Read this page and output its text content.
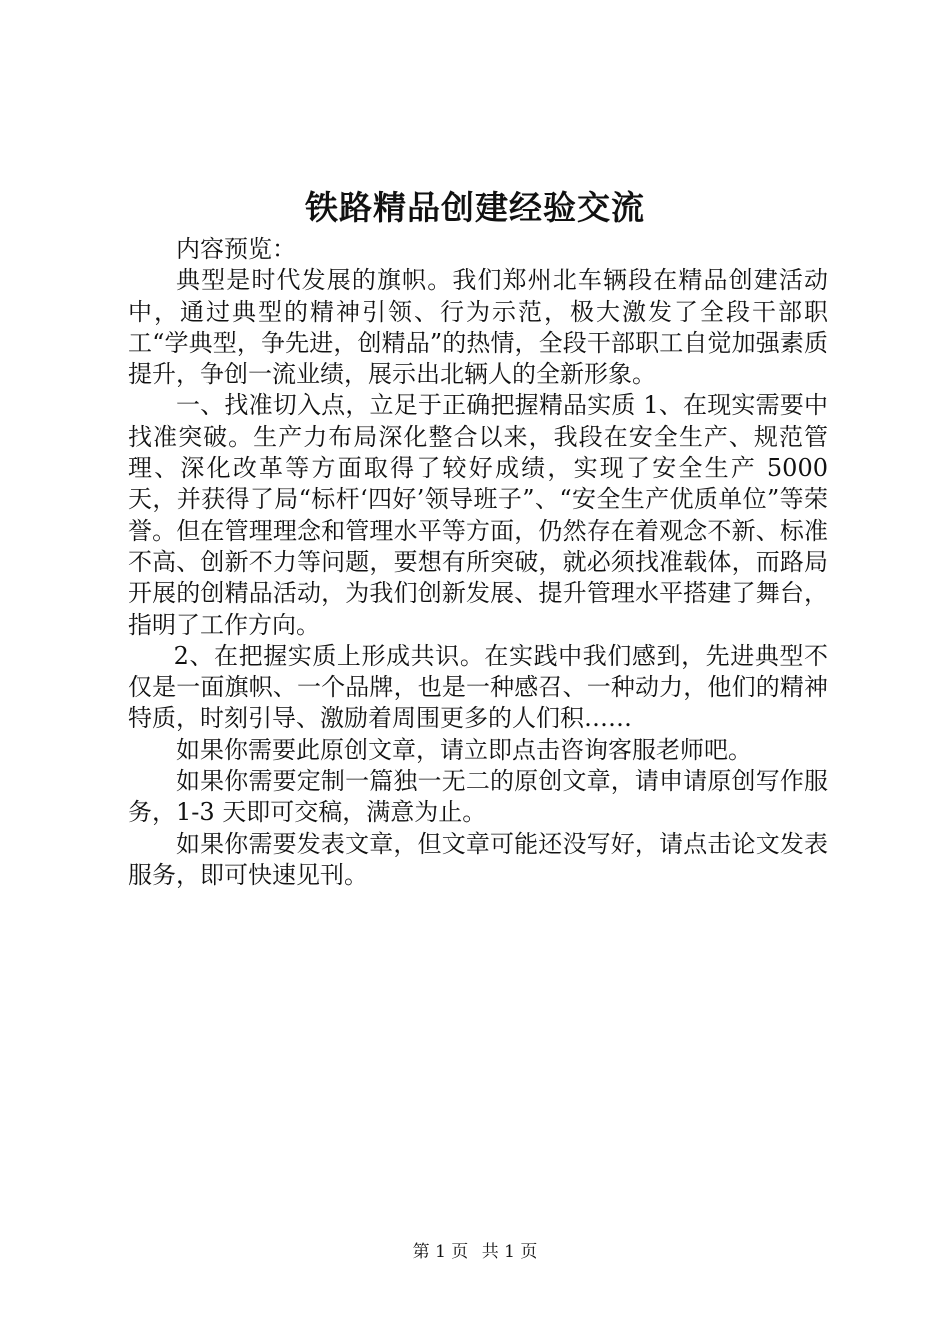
铁路精品创建经验交流

内容预览：

典型是时代发展的旗帜。我们郑州北车辆段在精品创建活动中，通过典型的精神引领、行为示范，极大激发了全段干部职工“学典型，争先进，创精品”的热情，全段干部职工自觉加强素质提升，争创一流业绩，展示出北辆人的全新形象。

一、找准切入点，立足于正确把握精品实质 1、在现实需要中找准突破。生产力布局深化整合以来，我段在安全生产、规范管理、深化改革等方面取得了较好成绩，实现了安全生产 5000 天，并获得了局“标杆‘四好’领导班子”、“安全生产优质单位”等荣誉。但在管理理念和管理水平等方面，仍然存在着观念不新、标准不高、创新不力等问题，要想有所突破，就必须找准载体，而路局开展的创精品活动，为我们创新发展、提升管理水平搭建了舞台，指明了工作方向。

2、在把握实质上形成共识。在实践中我们感到，先进典型不仅是一面旗帜、一个品牌，也是一种感召、一种动力，他们的精神特质，时刻引导、激励着周围更多的人们积……

如果你需要此原创文章，请立即点击咨询客服老师吧。

如果你需要定制一篇独一无二的原创文章，请申请原创写作服务，1-3 天即可交稿，满意为止。

如果你需要发表文章，但文章可能还没写好，请点击论文发表服务，即可快速见刊。

第 1 页 共 1 页
